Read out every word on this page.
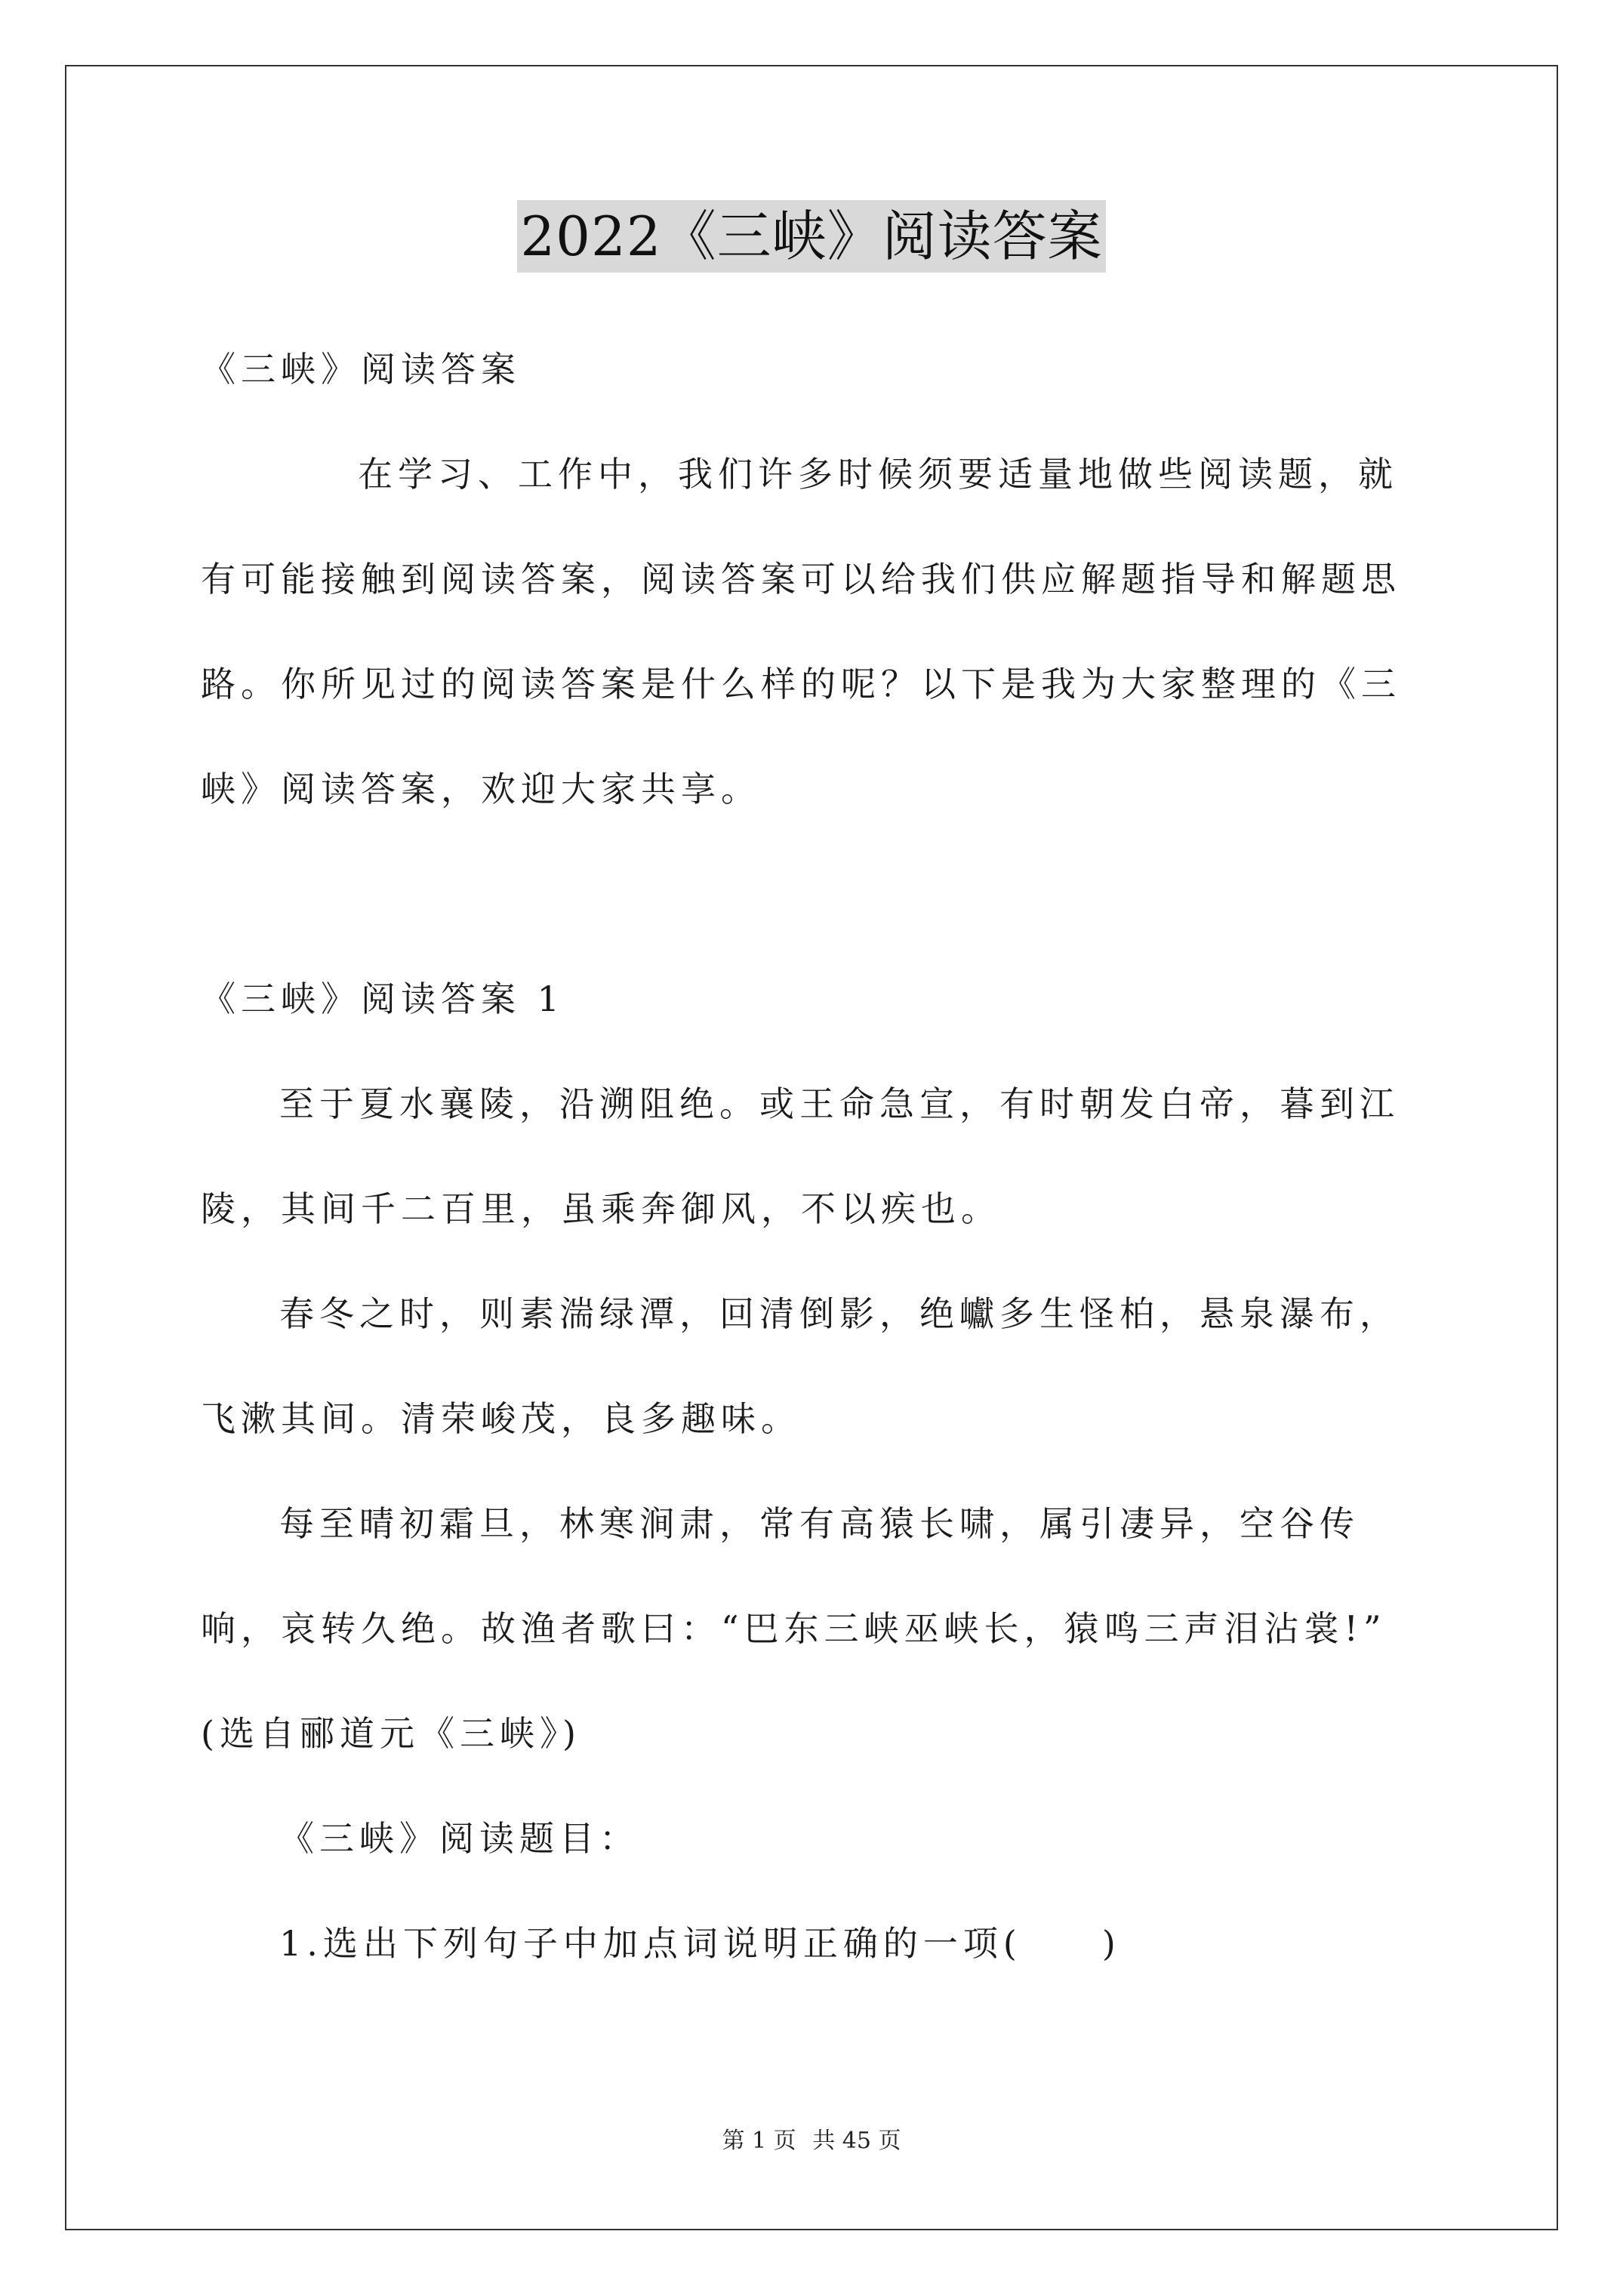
2022《三峡》阅读答案

《三峡》阅读答案

在学习、工作中，我们许多时候须要适量地做些阅读题，就有可能接触到阅读答案，阅读答案可以给我们供应解题指导和解题思路。你所见过的阅读答案是什么样的呢？以下是我为大家整理的《三峡》阅读答案，欢迎大家共享。

《三峡》阅读答案 1

至于夏水襄陵，沿溯阻绝。或王命急宣，有时朝发白帝，暮到江陵，其间千二百里，虽乘奔御风，不以疾也。

春冬之时，则素湍绿潭，回清倒影，绝巘多生怪柏，悬泉瀑布，飞漱其间。清荣峻茂，良多趣味。

每至晴初霜旦，林寒涧肃，常有高猿长啸，属引凄异，空谷传响，哀转久绝。故渔者歌曰：“巴东三峡巫峡长，猿鸣三声泪沾裳!” (选自郦道元《三峡》)

《三峡》阅读题目：

1.选出下列句子中加点词说明正确的一项(　　)

第 1 页 共 45 页
